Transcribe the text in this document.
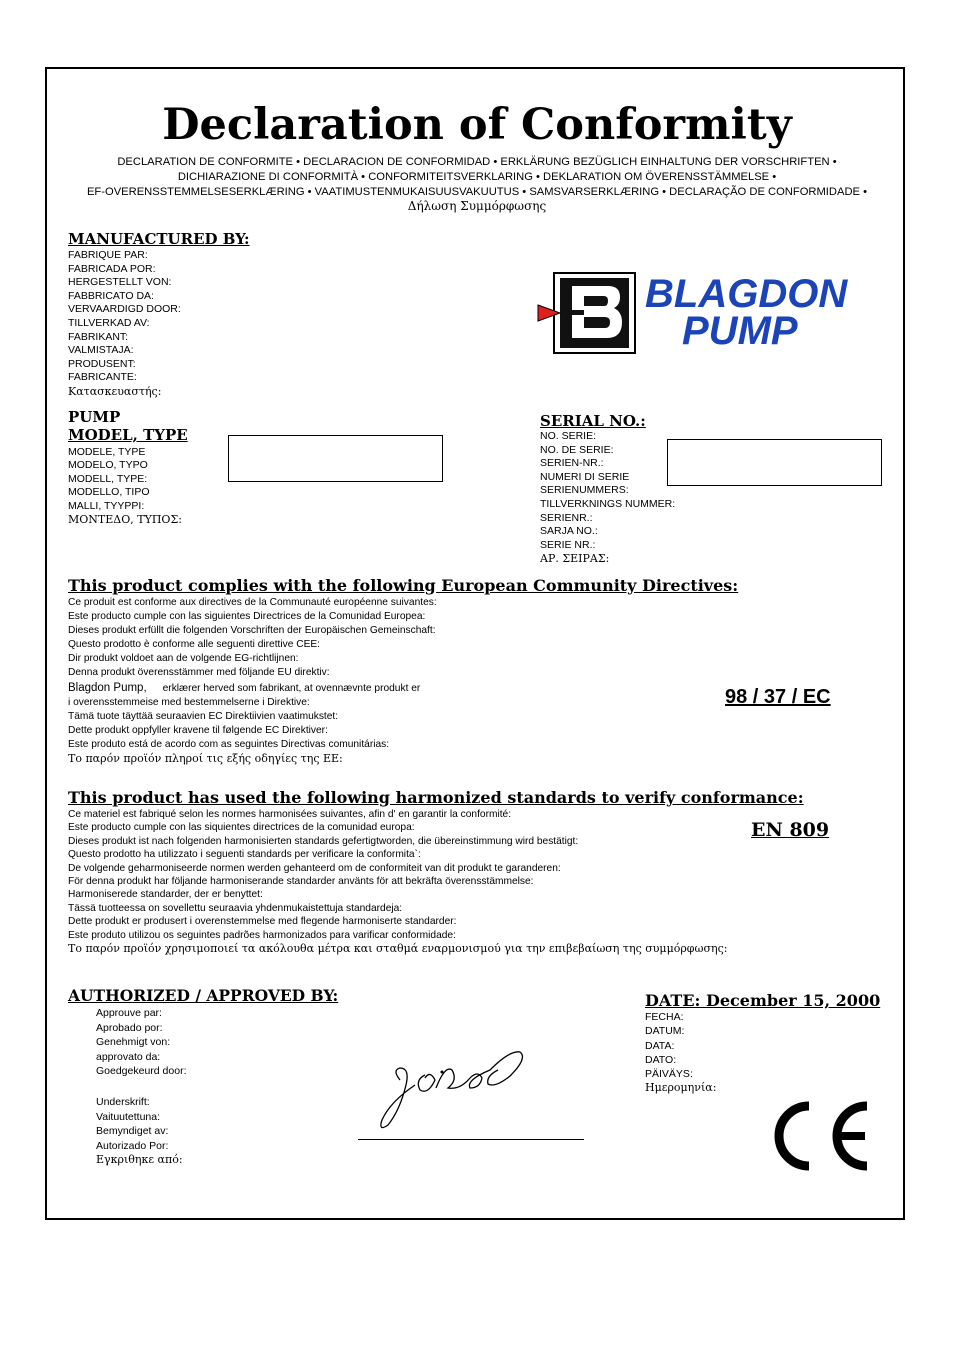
Declaration of Conformity
DECLARATION DE CONFORMITE • DECLARACION DE CONFORMIDAD • ERKLÄRUNG BEZÜGLICH EINHALTUNG DER VORSCHRIFTEN •
DICHIARAZIONE DI CONFORMITÀ • CONFORMITEITSVERKLARING • DEKLARATION OM ÖVERENSSTÄMMELSE •
EF-OVERENSSTEMMELSESERKLÆRING • VAATIMUSTENMUKAISUUSVAKUUTUS • SAMSVARSERKLÆRING • DECLARAÇÃO DE CONFORMIDADE •
Δήλωση Συμμόρφωσης
MANUFACTURED BY:
FABRIQUE PAR:
FABRICADA POR:
HERGESTELLT VON:
FABBRICATO DA:
VERVAARDIGD DOOR:
TILLVERKAD AV:
FABRIKANT:
VALMISTAJA:
PRODUSENT:
FABRICANTE:
Κατασκευαστής:
BLAGDON
PUMP
PUMP
MODEL, TYPE
MODELE, TYPE
MODELO, TYPO
MODELL, TYPE:
MODELLO, TIPO
MALLI, TYYPPI:
ΜΟΝΤΕΔΟ, ΤΥΠΟΣ:
SERIAL NO.:
NO. SERIE:
NO. DE SERIE:
SERIEN-NR.:
NUMERI DI SERIE
SERIENUMMERS:
TILLVERKNINGS NUMMER:
SERIENR.:
SARJA NO.:
SERIE NR.:
ΑΡ. ΣΕΙΡΑΣ:
This product complies with the following European Community Directives:
Ce produit est conforme aux directives de la Communauté européenne suivantes:
Este producto cumple con las siguientes Directrices de la Comunidad Europea:
Dieses produkt erfüllt die folgenden Vorschriften der Europäischen Gemeinschaft:
Questo prodotto è conforme alle seguenti direttive CEE:
Dir produkt voldoet aan de volgende EG-richtlijnen:
Denna produkt överensstämmer med följande EU direktiv:
Blagdon Pump, erklærer herved som fabrikant, at ovennævnte produkt er
i overensstemmeise med bestemmelserne i Direktive:
Tämä tuote täyttää seuraavien EC Direktiivien vaatimukstet:
Dette produkt oppfyller kravene til følgende EC Direktiver:
Este produto está de acordo com as seguintes Directivas comunitárias:
Το παρόν προϊόν πληροί τις εξής οδηγίες της ΕΕ:
98 / 37 / EC
This product has used the following harmonized standards to verify conformance:
Ce materiel est fabriqué selon les normes harmonisées suivantes, afin d' en garantir la conformité:
Este producto cumple con las siquientes directrices de la comunidad europa:
Dieses produkt ist nach folgenden harmonisierten standards gefertigtworden, die übereinstimmung wird bestätigt:
Questo prodotto ha utilizzato i seguenti standards per verificare la conformita`:
De volgende geharmoniseerde normen werden gehanteerd om de conformiteit van dit produkt te garanderen:
För denna produkt har följande harmoniserande standarder använts för att bekräfta överensstämmelse:
Harmoniserede standarder, der er benyttet:
Tässä tuotteessa on sovellettu seuraavia yhdenmukaistettuja standardeja:
Dette produkt er produsert i overenstemmelse med flegende harmoniserte standarder:
Este produto utilizou os seguintes padrões harmonizados para varificar conformidade:
Το παρόν προϊόν χρησιμοποιεί τα ακόλουθα μέτρα και σταθμά εναρμονισμού για την επιβεβαίωση της συμμόρφωσης:
EN 809
AUTHORIZED / APPROVED BY:
Approuve par:
Aprobado por:
Genehmigt von:
approvato da:
Goedgekeurd door:
Underskrift:
Vaituutettuna:
Bemyndiget av:
Autorizado Por:
Εγκριθηκε από:
DATE: December 15, 2000
FECHA:
DATUM:
DATA:
DATO:
PÄIVÄYS:
Ημερομηνία:
